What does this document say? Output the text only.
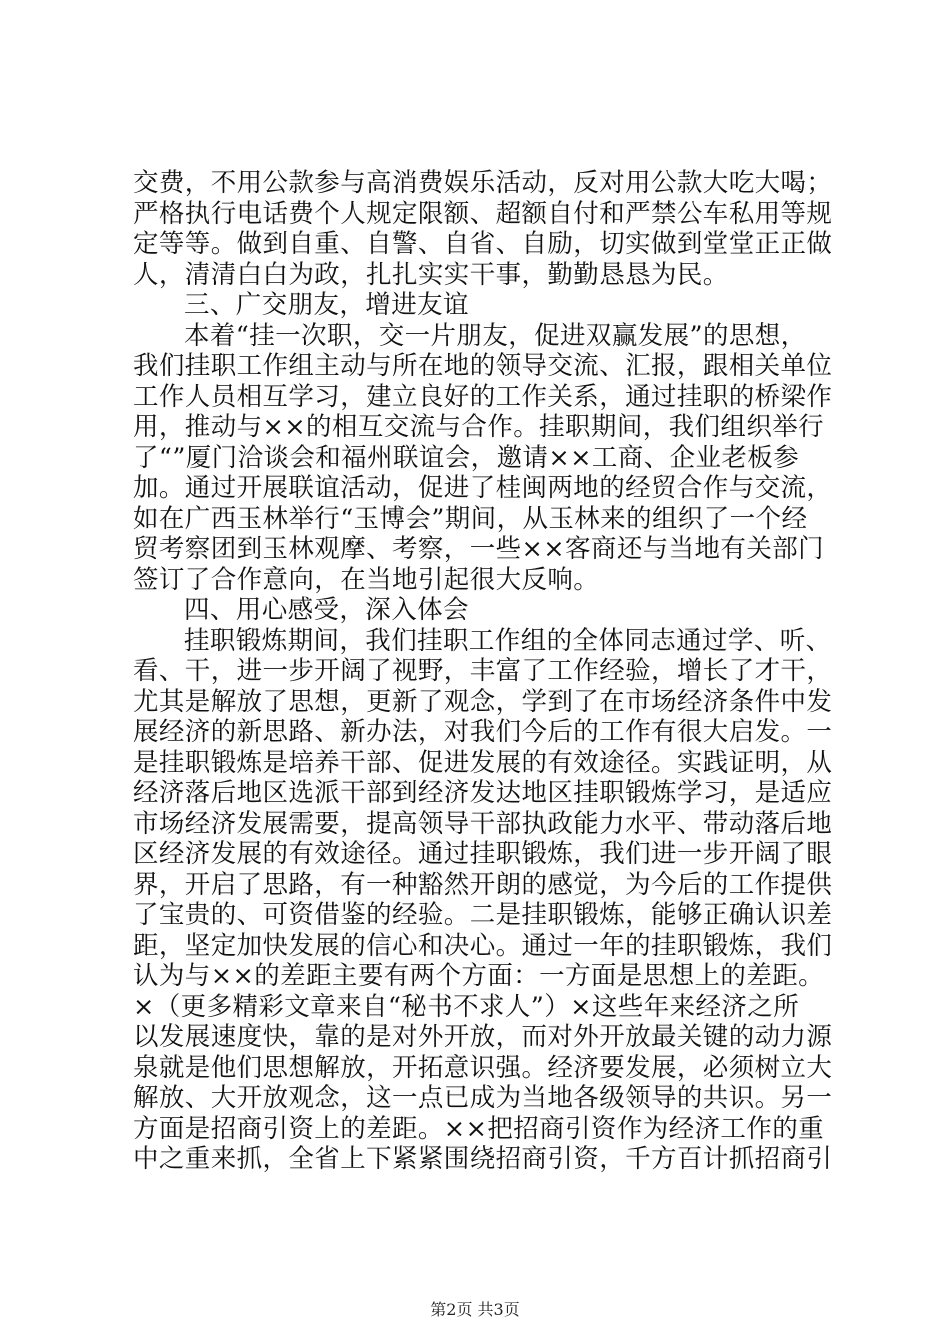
交费，不用公款参与高消费娱乐活动，反对用公款大吃大喝；
严格执行电话费个人规定限额、超额自付和严禁公车私用等规
定等等。做到自重、自警、自省、自励，切实做到堂堂正正做
人，清清白白为政，扎扎实实干事，勤勤恳恳为民。
三、广交朋友，增进友谊
本着“挂一次职，交一片朋友，促进双赢发展”的思想，
我们挂职工作组主动与所在地的领导交流、汇报，跟相关单位
工作人员相互学习，建立良好的工作关系，通过挂职的桥梁作
用，推动与××的相互交流与合作。挂职期间，我们组织举行
了“”厦门洽谈会和福州联谊会，邀请××工商、企业老板参
加。通过开展联谊活动，促进了桂闽两地的经贸合作与交流，
如在广西玉林举行“玉博会”期间，从玉林来的组织了一个经
贸考察团到玉林观摩、考察，一些××客商还与当地有关部门
签订了合作意向，在当地引起很大反响。
四、用心感受，深入体会
挂职锻炼期间，我们挂职工作组的全体同志通过学、听、
看、干，进一步开阔了视野，丰富了工作经验，增长了才干，
尤其是解放了思想，更新了观念，学到了在市场经济条件中发
展经济的新思路、新办法，对我们今后的工作有很大启发。一
是挂职锻炼是培养干部、促进发展的有效途径。实践证明，从
经济落后地区选派干部到经济发达地区挂职锻炼学习，是适应
市场经济发展需要，提高领导干部执政能力水平、带动落后地
区经济发展的有效途径。通过挂职锻炼，我们进一步开阔了眼
界，开启了思路，有一种豁然开朗的感觉，为今后的工作提供
了宝贵的、可资借鉴的经验。二是挂职锻炼，能够正确认识差
距，坚定加快发展的信心和决心。通过一年的挂职锻炼，我们
认为与××的差距主要有两个方面：一方面是思想上的差距。
×（更多精彩文章来自“秘书不求人”）×这些年来经济之所
以发展速度快，靠的是对外开放，而对外开放最关键的动力源
泉就是他们思想解放，开拓意识强。经济要发展，必须树立大
解放、大开放观念，这一点已成为当地各级领导的共识。另一
方面是招商引资上的差距。××把招商引资作为经济工作的重
中之重来抓，全省上下紧紧围绕招商引资，千方百计抓招商引
第2页 共3页
